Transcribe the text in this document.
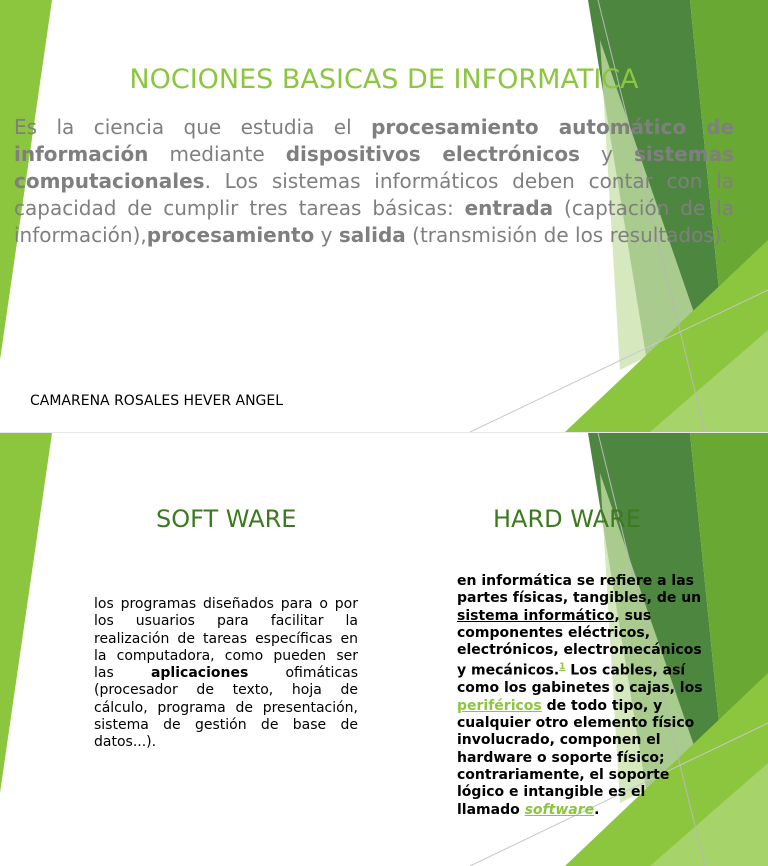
NOCIONES BASICAS DE INFORMATICA
Es la ciencia que estudia el procesamiento automático de información mediante dispositivos electrónicos y sistemas computacionales. Los sistemas informáticos deben contar con la capacidad de cumplir tres tareas básicas: entrada (captación de la información),procesamiento y salida (transmisión de los resultados).
CAMARENA ROSALES HEVER ANGEL
SOFT WARE	HARD WARE
los programas diseñados para o por los usuarios para facilitar la realización de tareas específicas en la computadora, como pueden ser las aplicaciones ofimáticas (procesador de texto, hoja de cálculo, programa de presentación, sistema de gestión de base de datos...).
en informática se refiere a las partes físicas, tangibles, de un sistema informático, sus componentes eléctricos, electrónicos, electromecánicos y mecánicos.$^1$ Los cables, así como los gabinetes o cajas, los periféricos de todo tipo, y cualquier otro elemento físico involucrado, componen el hardware o soporte físico; contrariamente, el soporte lógico e intangible es el llamado software.
